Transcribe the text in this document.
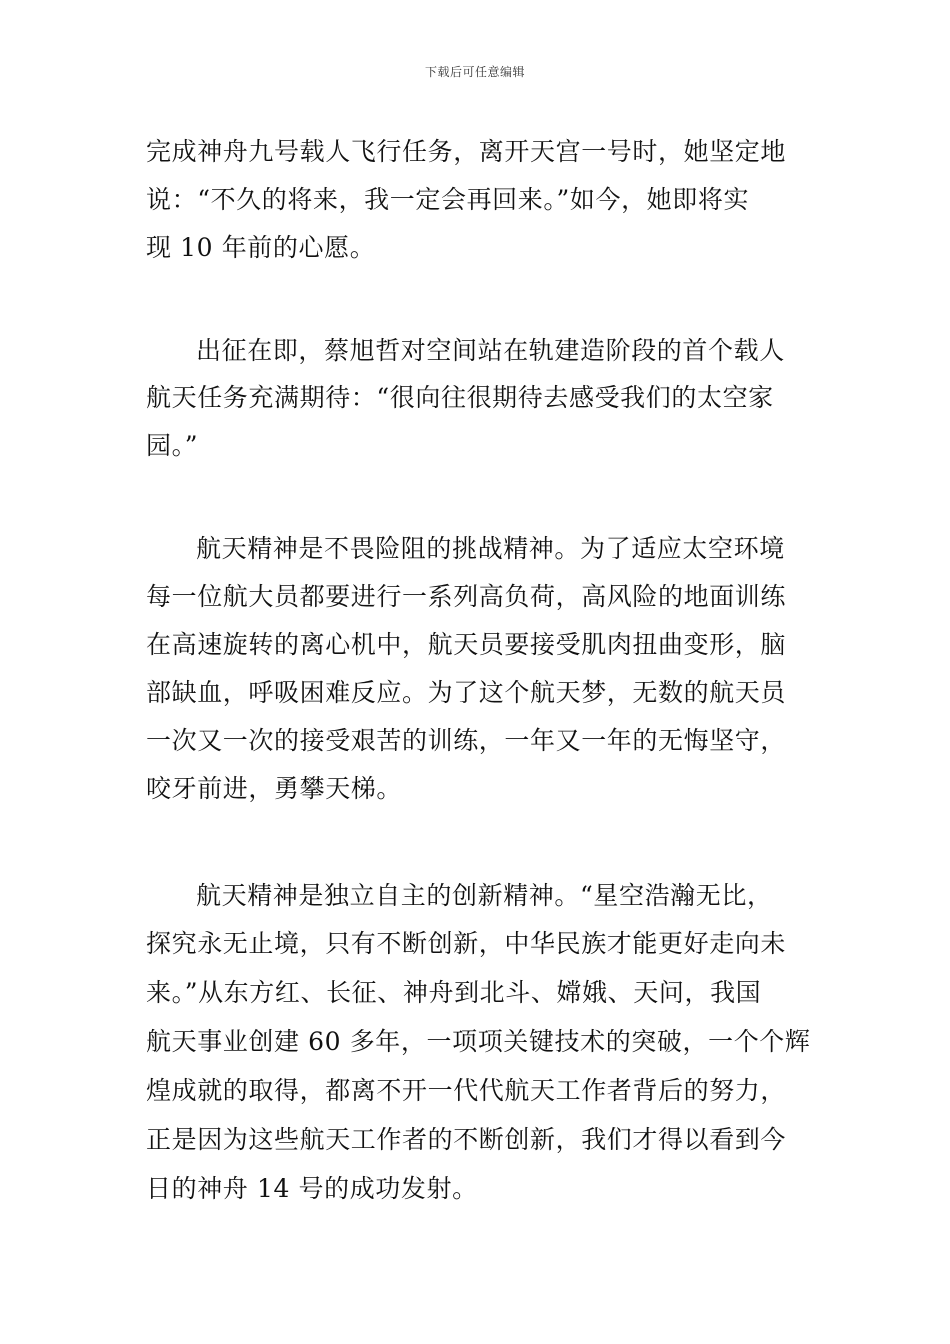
下载后可任意编辑
完成神舟九号载人飞行任务，离开天宫一号时，她坚定地
说：“不久的将来，我一定会再回来。”如今，她即将实
现 10 年前的心愿。
出征在即，蔡旭哲对空间站在轨建造阶段的首个载人
航天任务充满期待：“很向往很期待去感受我们的太空家
园。”
航天精神是不畏险阻的挑战精神。为了适应太空环境
每一位航大员都要进行一系列高负荷，高风险的地面训练
在高速旋转的离心机中，航天员要接受肌肉扭曲变形，脑
部缺血，呼吸困难反应。为了这个航天梦，无数的航天员
一次又一次的接受艰苦的训练，一年又一年的无悔坚守，
咬牙前进，勇攀天梯。
航天精神是独立自主的创新精神。“星空浩瀚无比，
探究永无止境，只有不断创新，中华民族才能更好走向未
来。”从东方红、长征、神舟到北斗、嫦娥、天问，我国
航天事业创建 60 多年，一项项关键技术的突破，一个个辉
煌成就的取得，都离不开一代代航天工作者背后的努力，
正是因为这些航天工作者的不断创新，我们才得以看到今
日的神舟 14 号的成功发射。
